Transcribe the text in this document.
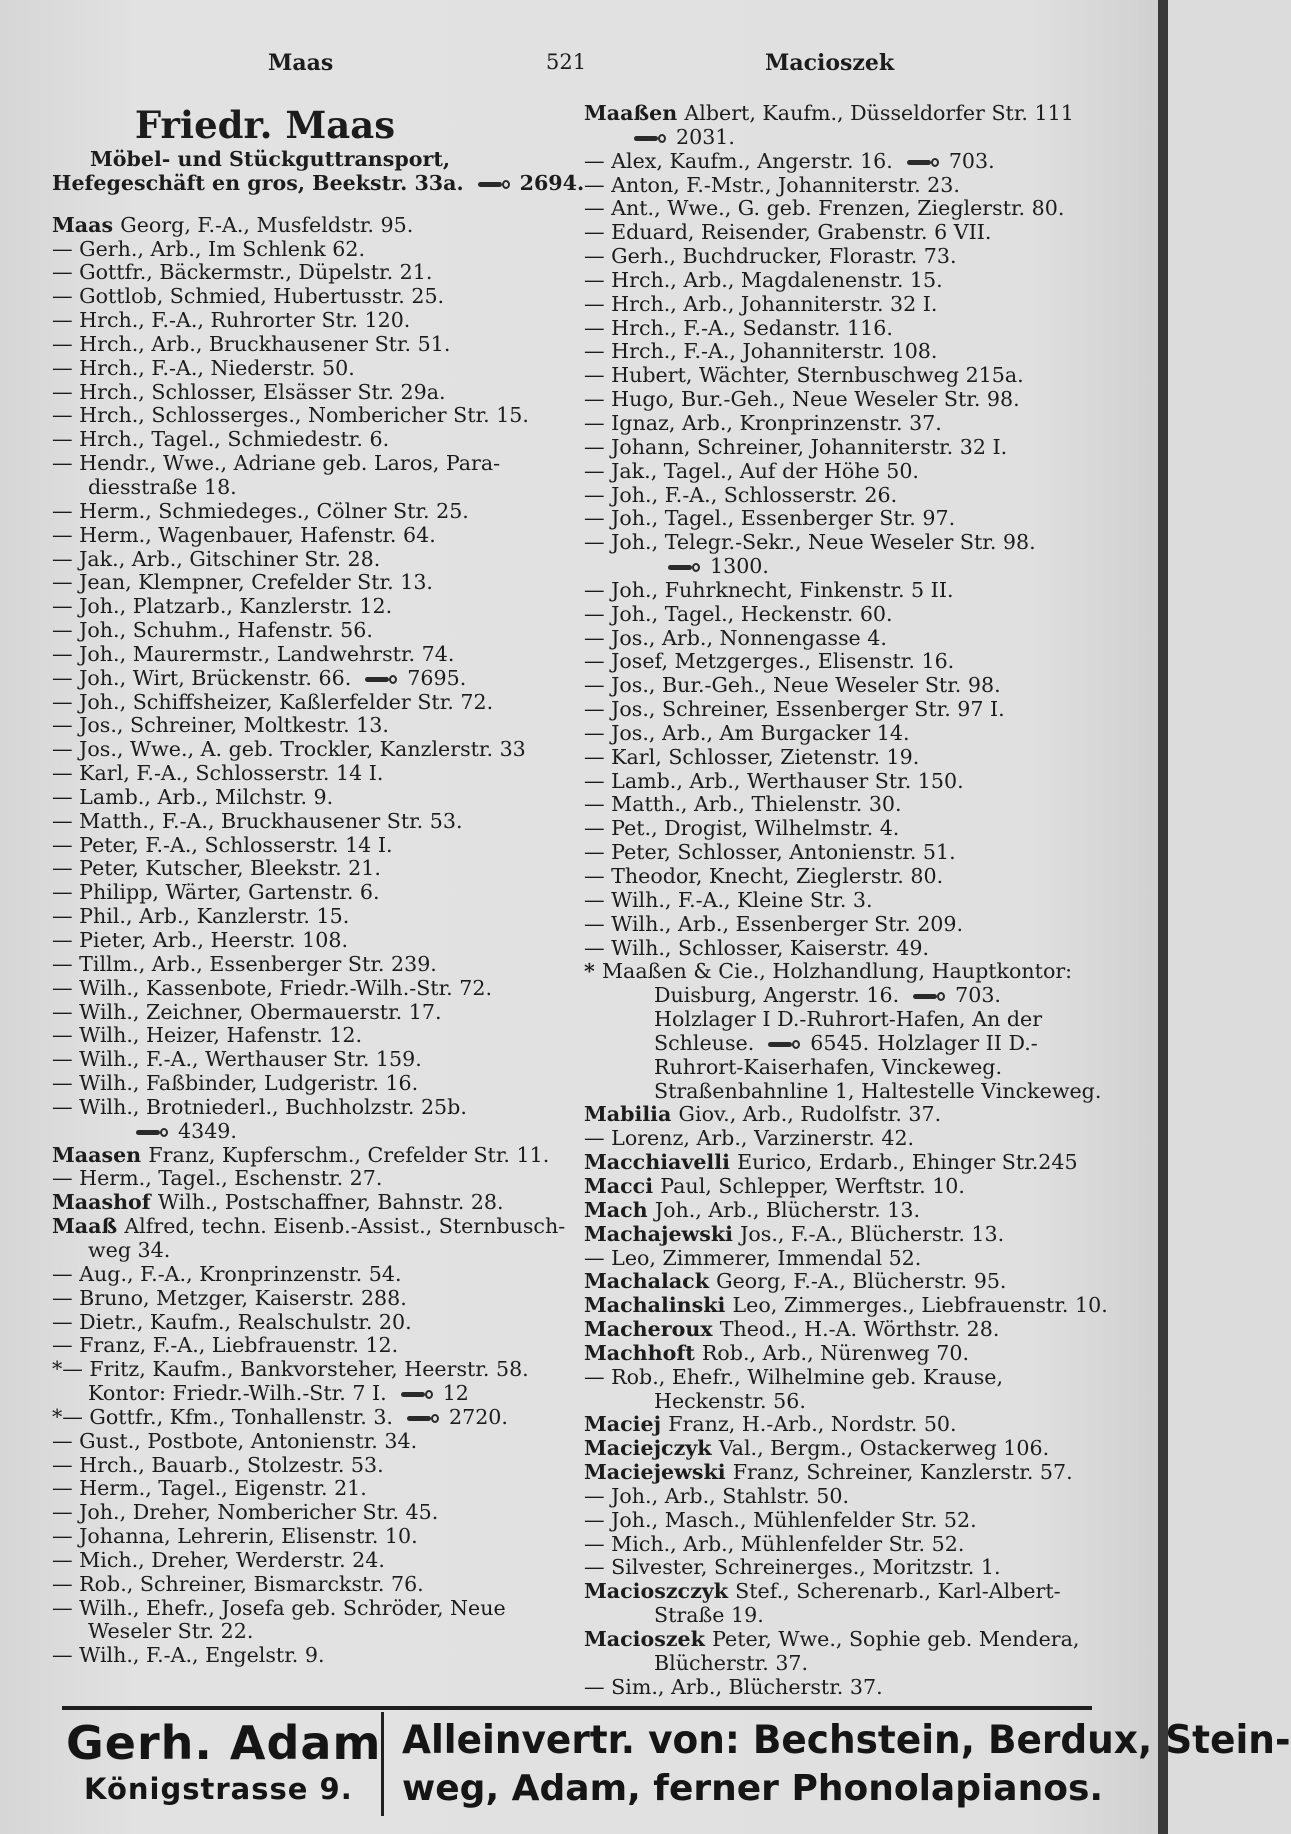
Maas	521	Macioszek
Friedr. Maas
Möbel- und Stückguttransport,
Hefegeschäft en gros, Beekstr. 33a.	2694.
Maas Georg, F.-A., Musfeldstr. 95.
— Gerh., Arb., Im Schlenk 62.
— Gottfr., Bäckermstr., Düpelstr. 21.
— Gottlob, Schmied, Hubertusstr. 25.
— Hrch., F.-A., Ruhrorter Str. 120.
— Hrch., Arb., Bruckhausener Str. 51.
— Hrch., F.-A., Niederstr. 50.
— Hrch., Schlosser, Elsässer Str. 29a.
— Hrch., Schlosserges., Nombericher Str. 15.
— Hrch., Tagel., Schmiedestr. 6.
— Hendr., Wwe., Adriane geb. Laros, Para-
diesstraße 18.
— Herm., Schmiedeges., Cölner Str. 25.
— Herm., Wagenbauer, Hafenstr. 64.
— Jak., Arb., Gitschiner Str. 28.
— Jean, Klempner, Crefelder Str. 13.
— Joh., Platzarb., Kanzlerstr. 12.
— Joh., Schuhm., Hafenstr. 56.
— Joh., Maurermstr., Landwehrstr. 74.
— Joh., Wirt, Brückenstr. 66.	7695.
— Joh., Schiffsheizer, Kaßlerfelder Str. 72.
— Jos., Schreiner, Moltkestr. 13.
— Jos., Wwe., A. geb. Trockler, Kanzlerstr. 33
— Karl, F.-A., Schlosserstr. 14 I.
— Lamb., Arb., Milchstr. 9.
— Matth., F.-A., Bruckhausener Str. 53.
— Peter, F.-A., Schlosserstr. 14 I.
— Peter, Kutscher, Bleekstr. 21.
— Philipp, Wärter, Gartenstr. 6.
— Phil., Arb., Kanzlerstr. 15.
— Pieter, Arb., Heerstr. 108.
— Tillm., Arb., Essenberger Str. 239.
— Wilh., Kassenbote, Friedr.-Wilh.-Str. 72.
— Wilh., Zeichner, Obermauerstr. 17.
— Wilh., Heizer, Hafenstr. 12.
— Wilh., F.-A., Werthauser Str. 159.
— Wilh., Faßbinder, Ludgeristr. 16.
— Wilh., Brotniederl., Buchholzstr. 25b.
4349.
Maasen Franz, Kupferschm., Crefelder Str. 11.
— Herm., Tagel., Eschenstr. 27.
Maashof Wilh., Postschaffner, Bahnstr. 28.
Maaß Alfred, techn. Eisenb.-Assist., Sternbusch-
weg 34.
— Aug., F.-A., Kronprinzenstr. 54.
— Bruno, Metzger, Kaiserstr. 288.
— Dietr., Kaufm., Realschulstr. 20.
— Franz, F.-A., Liebfrauenstr. 12.
*— Fritz, Kaufm., Bankvorsteher, Heerstr. 58.
Kontor: Friedr.-Wilh.-Str. 7 I.	12
*— Gottfr., Kfm., Tonhallenstr. 3.	2720.
— Gust., Postbote, Antonienstr. 34.
— Hrch., Bauarb., Stolzestr. 53.
— Herm., Tagel., Eigenstr. 21.
— Joh., Dreher, Nombericher Str. 45.
— Johanna, Lehrerin, Elisenstr. 10.
— Mich., Dreher, Werderstr. 24.
— Rob., Schreiner, Bismarckstr. 76.
— Wilh., Ehefr., Josefa geb. Schröder, Neue
Weseler Str. 22.
— Wilh., F.-A., Engelstr. 9.
Maaßen Albert, Kaufm., Düsseldorfer Str. 111
2031.
— Alex, Kaufm., Angerstr. 16.	703.
— Anton, F.-Mstr., Johanniterstr. 23.
— Ant., Wwe., G. geb. Frenzen, Zieglerstr. 80.
— Eduard, Reisender, Grabenstr. 6 VII.
— Gerh., Buchdrucker, Florastr. 73.
— Hrch., Arb., Magdalenenstr. 15.
— Hrch., Arb., Johanniterstr. 32 I.
— Hrch., F.-A., Sedanstr. 116.
— Hrch., F.-A., Johanniterstr. 108.
— Hubert, Wächter, Sternbuschweg 215a.
— Hugo, Bur.-Geh., Neue Weseler Str. 98.
— Ignaz, Arb., Kronprinzenstr. 37.
— Johann, Schreiner, Johanniterstr. 32 I.
— Jak., Tagel., Auf der Höhe 50.
— Joh., F.-A., Schlosserstr. 26.
— Joh., Tagel., Essenberger Str. 97.
— Joh., Telegr.-Sekr., Neue Weseler Str. 98.
1300.
— Joh., Fuhrknecht, Finkenstr. 5 II.
— Joh., Tagel., Heckenstr. 60.
— Jos., Arb., Nonnengasse 4.
— Josef, Metzgerges., Elisenstr. 16.
— Jos., Bur.-Geh., Neue Weseler Str. 98.
— Jos., Schreiner, Essenberger Str. 97 I.
— Jos., Arb., Am Burgacker 14.
— Karl, Schlosser, Zietenstr. 19.
— Lamb., Arb., Werthauser Str. 150.
— Matth., Arb., Thielenstr. 30.
— Pet., Drogist, Wilhelmstr. 4.
— Peter, Schlosser, Antonienstr. 51.
— Theodor, Knecht, Zieglerstr. 80.
— Wilh., F.-A., Kleine Str. 3.
— Wilh., Arb., Essenberger Str. 209.
— Wilh., Schlosser, Kaiserstr. 49.
* Maaßen & Cie., Holzhandlung, Hauptkontor:
Duisburg, Angerstr. 16.	703.
Holzlager I D.-Ruhrort-Hafen, An der
Schleuse.	6545. Holzlager II D.-
Ruhrort-Kaiserhafen, Vinckeweg.
Straßenbahnline 1, Haltestelle Vinckeweg.
Mabilia Giov., Arb., Rudolfstr. 37.
— Lorenz, Arb., Varzinerstr. 42.
Macchiavelli Eurico, Erdarb., Ehinger Str.245
Macci Paul, Schlepper, Werftstr. 10.
Mach Joh., Arb., Blücherstr. 13.
Machajewski Jos., F.-A., Blücherstr. 13.
— Leo, Zimmerer, Immendal 52.
Machalack Georg, F.-A., Blücherstr. 95.
Machalinski Leo, Zimmerges., Liebfrauenstr. 10.
Macheroux Theod., H.-A. Wörthstr. 28.
Machhoft Rob., Arb., Nürenweg 70.
— Rob., Ehefr., Wilhelmine geb. Krause,
Heckenstr. 56.
Maciej Franz, H.-Arb., Nordstr. 50.
Maciejczyk Val., Bergm., Ostackerweg 106.
Maciejewski Franz, Schreiner, Kanzlerstr. 57.
— Joh., Arb., Stahlstr. 50.
— Joh., Masch., Mühlenfelder Str. 52.
— Mich., Arb., Mühlenfelder Str. 52.
— Silvester, Schreinerges., Moritzstr. 1.
Macioszczyk Stef., Scherenarb., Karl-Albert-
Straße 19.
Macioszek Peter, Wwe., Sophie geb. Mendera,
Blücherstr. 37.
— Sim., Arb., Blücherstr. 37.
Gerh. Adam
Königstrasse 9.
Alleinvertr. von: Bechstein, Berdux, Stein-
weg, Adam, ferner Phonolapianos.
